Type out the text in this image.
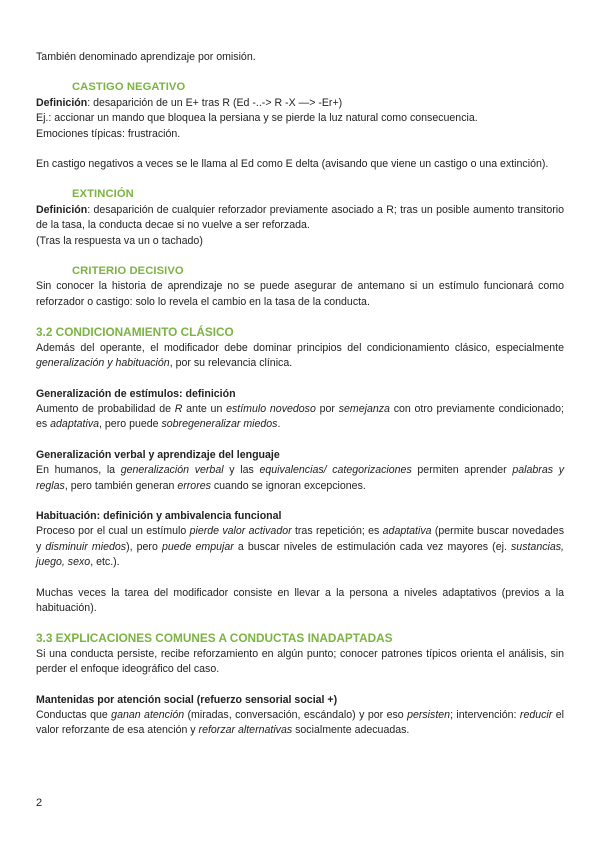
También denominado aprendizaje por omisión.

CASTIGO NEGATIVO

Definición: desaparición de un E+ tras R (Ed -..-> R -X —> -Er+)

Ej.: accionar un mando que bloquea la persiana y se pierde la luz natural como consecuencia.

Emociones típicas: frustración.

En castigo negativos a veces se le llama al Ed como E delta (avisando que viene un castigo o una extinción).

EXTINCIÓN

Definición: desaparición de cualquier reforzador previamente asociado a R; tras un posible aumento transitorio de la tasa, la conducta decae si no vuelve a ser reforzada.

(Tras la respuesta va un o tachado)

CRITERIO DECISIVO

Sin conocer la historia de aprendizaje no se puede asegurar de antemano si un estímulo funcionará como reforzador o castigo: solo lo revela el cambio en la tasa de la conducta.

3.2 CONDICIONAMIENTO CLÁSICO

Además del operante, el modificador debe dominar principios del condicionamiento clásico, especialmente generalización y habituación, por su relevancia clínica.

Generalización de estímulos: definición

Aumento de probabilidad de R ante un estímulo novedoso por semejanza con otro previamente condicionado; es adaptativa, pero puede sobregeneralizar miedos.

Generalización verbal y aprendizaje del lenguaje

En humanos, la generalización verbal y las equivalencias/ categorizaciones permiten aprender palabras y reglas, pero también generan errores cuando se ignoran excepciones.

Habituación: definición y ambivalencia funcional

Proceso por el cual un estímulo pierde valor activador tras repetición; es adaptativa (permite buscar novedades y disminuir miedos), pero puede empujar a buscar niveles de estimulación cada vez mayores (ej. sustancias, juego, sexo, etc.).

Muchas veces la tarea del modificador consiste en llevar a la persona a niveles adaptativos (previos a la habituación).

3.3 EXPLICACIONES COMUNES A CONDUCTAS INADAPTADAS

Si una conducta persiste, recibe reforzamiento en algún punto; conocer patrones típicos orienta el análisis, sin perder el enfoque ideográfico del caso.

Mantenidas por atención social (refuerzo sensorial social +)

Conductas que ganan atención (miradas, conversación, escándalo) y por eso persisten; intervención: reducir el valor reforzante de esa atención y reforzar alternativas socialmente adecuadas.

2
